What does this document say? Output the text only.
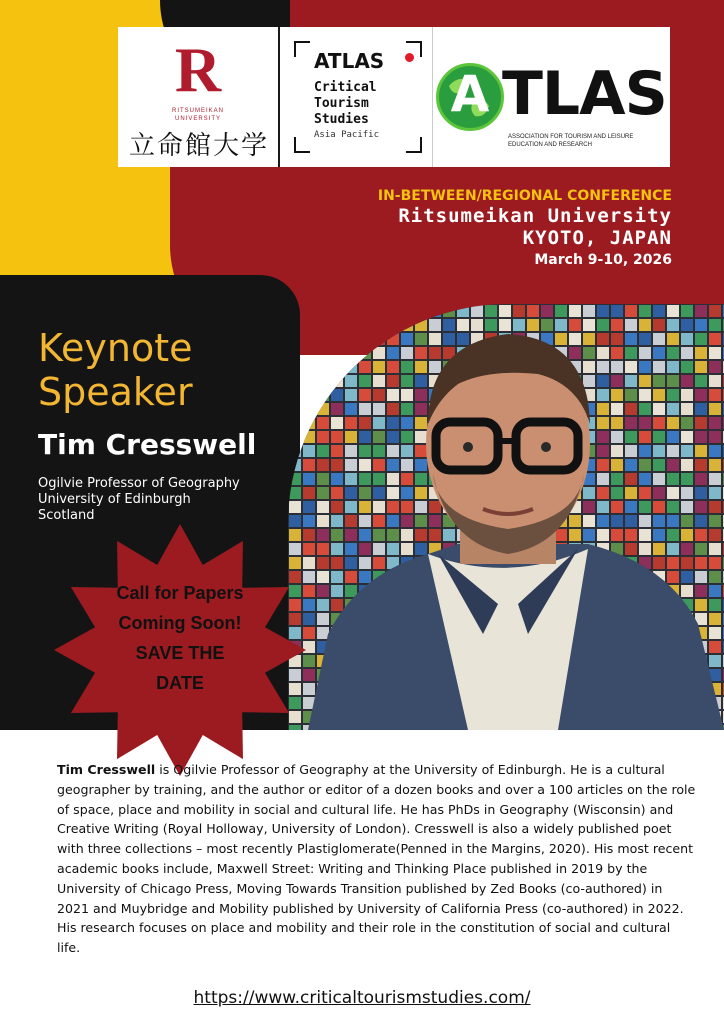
R
RITSUMEIKAN UNIVERSITY
立命館大学
ATLAS
Critical
Tourism
Studies
Asia Pacific
A TLAS
ASSOCIATION FOR TOURISM AND LEISURE EDUCATION AND RESEARCH
IN-BETWEEN/REGIONAL CONFERENCE
Ritsumeikan University
KYOTO, JAPAN
March 9-10, 2026
Keynote
Speaker
Tim Cresswell
Ogilvie Professor of Geography
University of Edinburgh
Scotland
Call for Papers
Coming Soon!
SAVE THE
DATE

Tim Cresswell is Ogilvie Professor of Geography at the University of Edinburgh. He is a cultural geographer by training, and the author or editor of a dozen books and over a 100 articles on the role of space, place and mobility in social and cultural life. He has PhDs in Geography (Wisconsin) and Creative Writing (Royal Holloway, University of London). Cresswell is also a widely published poet with three collections – most recently Plastiglomerate(Penned in the Margins, 2020). His most recent academic books include, Maxwell Street: Writing and Thinking Place published in 2019 by the University of Chicago Press, Moving Towards Transition published by Zed Books (co-authored) in 2021 and Muybridge and Mobility published by University of California Press (co-authored) in 2022. His research focuses on place and mobility and their role in the constitution of social and cultural life.

https://www.criticaltourismstudies.com/
